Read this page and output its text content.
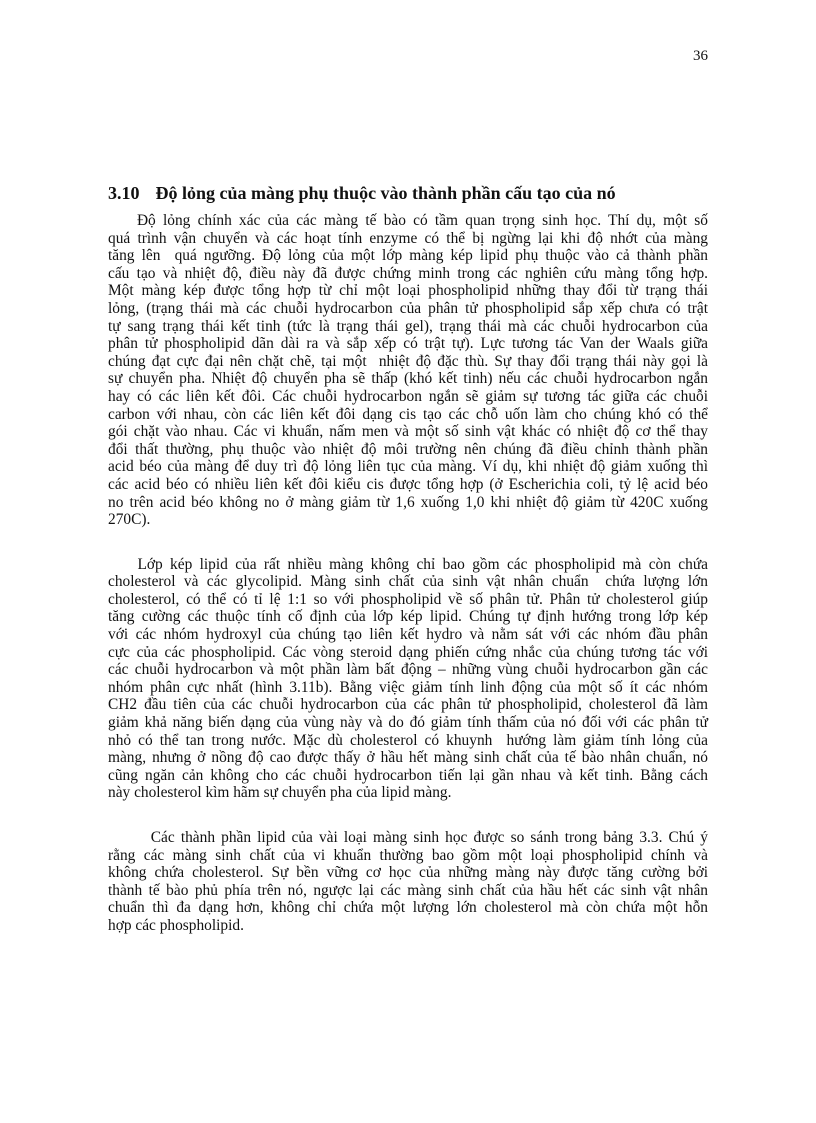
36
3.10 Độ lỏng của màng phụ thuộc vào thành phần cấu tạo của nó

Độ lỏng chính xác của các màng tế bào có tầm quan trọng sinh học. Thí dụ, một số
quá trình vận chuyển và các hoạt tính enzyme có thể bị ngừng lại khi độ nhớt của màng
tăng lên  quá ngưỡng. Độ lỏng của một lớp màng kép lipid phụ thuộc vào cả thành phần
cấu tạo và nhiệt độ, điều này đã được chứng minh trong các nghiên cứu màng tổng hợp.
Một màng kép được tổng hợp từ chỉ một loại phospholipid những thay đổi từ trạng thái
lỏng, (trạng thái mà các chuỗi hydrocarbon của phân tử phospholipid sắp xếp chưa có trật
tự sang trạng thái kết tinh (tức là trạng thái gel), trạng thái mà các chuỗi hydrocarbon của
phân tử phospholipid dãn dài ra và sắp xếp có trật tự). Lực tương tác Van der Waals giữa
chúng đạt cực đại nên chặt chẽ, tại một  nhiệt độ đặc thù. Sự thay đổi trạng thái này gọi là
sự chuyển pha. Nhiệt độ chuyển pha sẽ thấp (khó kết tinh) nếu các chuỗi hydrocarbon ngắn
hay có các liên kết đôi. Các chuỗi hydrocarbon ngắn sẽ giảm sự tương tác giữa các chuỗi
carbon với nhau, còn các liên kết đôi dạng cis tạo các chỗ uốn làm cho chúng khó có thể
gói chặt vào nhau. Các vi khuẩn, nấm men và một số sinh vật khác có nhiệt độ cơ thể thay
đổi thất thường, phụ thuộc vào nhiệt độ môi trường nên chúng đã điều chỉnh thành phần
acid béo của màng để duy trì độ lỏng liên tục của màng. Ví dụ, khi nhiệt độ giảm xuống thì
các acid béo có nhiều liên kết đôi kiểu cis được tổng hợp (ở Escherichia coli, tỷ lệ acid béo
no trên acid béo không no ở màng giảm từ 1,6 xuống 1,0 khi nhiệt độ giảm từ 420C xuống
270C).

Lớp kép lipid của rất nhiều màng không chỉ bao gồm các phospholipid mà còn chứa
cholesterol và các glycolipid. Màng sinh chất của sinh vật nhân chuẩn  chứa lượng lớn
cholesterol, có thể có tỉ lệ 1:1 so với phospholipid về số phân tử. Phân tử cholesterol giúp
tăng cường các thuộc tính cố định của lớp kép lipid. Chúng tự định hướng trong lớp kép
với các nhóm hydroxyl của chúng tạo liên kết hydro và nằm sát với các nhóm đầu phân
cực của các phospholipid. Các vòng steroid dạng phiến cứng nhắc của chúng tương tác với
các chuỗi hydrocarbon và một phần làm bất động – những vùng chuỗi hydrocarbon gần các
nhóm phân cực nhất (hình 3.11b). Bằng việc giảm tính linh động của một số ít các nhóm
CH2 đầu tiên của các chuỗi hydrocarbon của các phân tử phospholipid, cholesterol đã làm
giảm khả năng biến dạng của vùng này và do đó giảm tính thấm của nó đối với các phân tử
nhỏ có thể tan trong nước. Mặc dù cholesterol có khuynh  hướng làm giảm tính lỏng của
màng, nhưng ở nồng độ cao được thấy ở hầu hết màng sinh chất của tế bào nhân chuẩn, nó
cũng ngăn cản không cho các chuỗi hydrocarbon tiến lại gần nhau và kết tinh. Bằng cách
này cholesterol kìm hãm sự chuyển pha của lipid màng.

Các thành phần lipid của vài loại màng sinh học được so sánh trong bảng 3.3. Chú ý
rằng các màng sinh chất của vi khuẩn thường bao gồm một loại phospholipid chính và
không chứa cholesterol. Sự bền vững cơ học của những màng này được tăng cường bởi
thành tế bào phủ phía trên nó, ngược lại các màng sinh chất của hầu hết các sinh vật nhân
chuẩn thì đa dạng hơn, không chỉ chứa một lượng lớn cholesterol mà còn chứa một hỗn
hợp các phospholipid.
